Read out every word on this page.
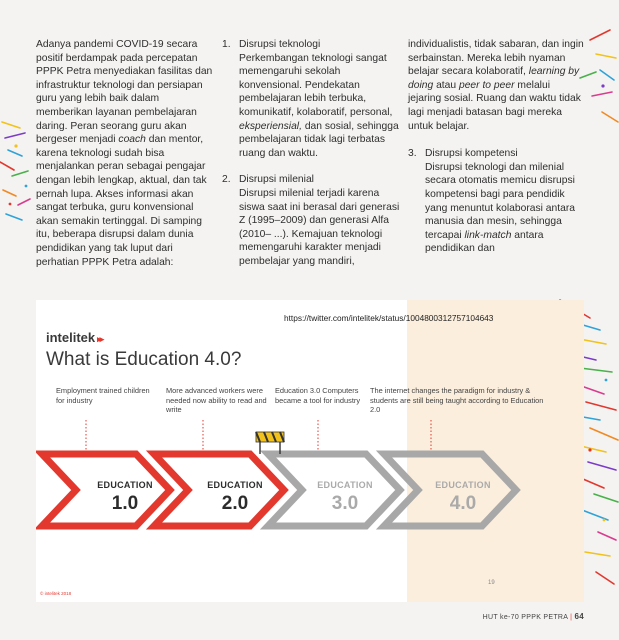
Adanya pandemi COVID-19 secara positif berdampak pada percepatan PPPK Petra menyediakan fasilitas dan infrastruktur teknologi dan persiapan guru yang lebih baik dalam memberikan layanan pembelajaran daring. Peran seorang guru akan bergeser menjadi coach dan mentor, karena teknologi sudah bisa menjalankan peran sebagai pengajar dengan lebih lengkap, aktual, dan tak pernah lupa. Akses informasi akan sangat terbuka, guru konvensional akan semakin tertinggal. Di samping itu, beberapa disrupsi dalam dunia pendidikan yang tak luput dari perhatian PPPK Petra adalah:

1. Disrupsi teknologi

Perkembangan teknologi sangat memengaruhi sekolah konvensional. Pendekatan pembelajaran lebih terbuka, komunikatif, kolaboratif, personal, eksperiensial, dan sosial, sehingga pembelajaran tidak lagi terbatas ruang dan waktu.

2. Disrupsi milenial

Disrupsi milenial terjadi karena siswa saat ini berasal dari generasi Z (1995–2009) dan generasi Alfa (2010– ...). Kemajuan teknologi memengaruhi karakter menjadi pembelajar yang mandiri,

individualistis, tidak sabaran, dan ingin serbainstan. Mereka lebih nyaman belajar secara kolaboratif, learning by doing atau peer to peer melalui jejaring sosial. Ruang dan waktu tidak lagi menjadi batasan bagi mereka untuk belajar.

3. Disrupsi kompetensi

Disrupsi teknologi dan milenial secara otomatis memicu disrupsi kompetensi bagi para pendidik yang menuntut kolaborasi antara manusia dan mesin, sehingga tercapai link-match antara pendidikan dan

https://twitter.com/intelitek/status/1004800312757104643
intelitek ▸▸
What is Education 4.0?
Employment trained children for industry
More advanced workers were needed now ability to read and write
Education 3.0 Computers became a tool for industry
The internet changes the paradigm for industry & students are still being taught according to Education 2.0
EDUCATION
1.0
EDUCATION
2.0
EDUCATION
3.0
EDUCATION
4.0
19
© intelitek 2018
HUT ke-70 PPPK PETRA | 64
